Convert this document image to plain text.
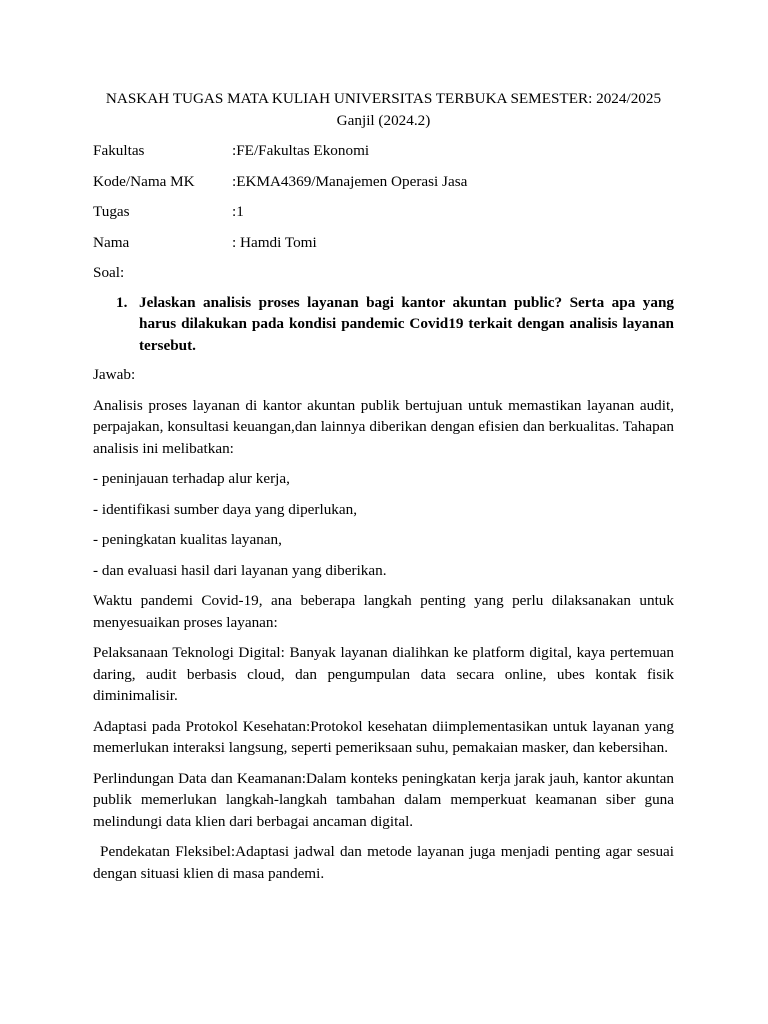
NASKAH TUGAS MATA KULIAH UNIVERSITAS TERBUKA SEMESTER: 2024/2025 Ganjil (2024.2)
Fakultas	:FE/Fakultas Ekonomi
Kode/Nama MK	:EKMA4369/Manajemen Operasi Jasa
Tugas	:1
Nama	: Hamdi Tomi
Soal:
1. Jelaskan analisis proses layanan bagi kantor akuntan public? Serta apa yang harus dilakukan pada kondisi pandemic Covid19 terkait dengan analisis layanan tersebut.

Jawab:

Analisis proses layanan di kantor akuntan publik bertujuan untuk memastikan layanan audit, perpajakan, konsultasi keuangan,dan lainnya diberikan dengan efisien dan berkualitas. Tahapan analisis ini melibatkan:

- peninjauan terhadap alur kerja,
- identifikasi sumber daya yang diperlukan,
- peningkatan kualitas layanan,
- dan evaluasi hasil dari layanan yang diberikan.

Waktu pandemi Covid-19, ana beberapa langkah penting yang perlu dilaksanakan untuk menyesuaikan proses layanan:

Pelaksanaan Teknologi Digital: Banyak layanan dialihkan ke platform digital, kaya pertemuan daring, audit berbasis cloud, dan pengumpulan data secara online, ubes kontak fisik diminimalisir.

Adaptasi pada Protokol Kesehatan:Protokol kesehatan diimplementasikan untuk layanan yang memerlukan interaksi langsung, seperti pemeriksaan suhu, pemakaian masker, dan kebersihan.

Perlindungan Data dan Keamanan:Dalam konteks peningkatan kerja jarak jauh, kantor akuntan publik memerlukan langkah-langkah tambahan dalam memperkuat keamanan siber guna melindungi data klien dari berbagai ancaman digital.

Pendekatan Fleksibel:Adaptasi jadwal dan metode layanan juga menjadi penting agar sesuai dengan situasi klien di masa pandemi.
